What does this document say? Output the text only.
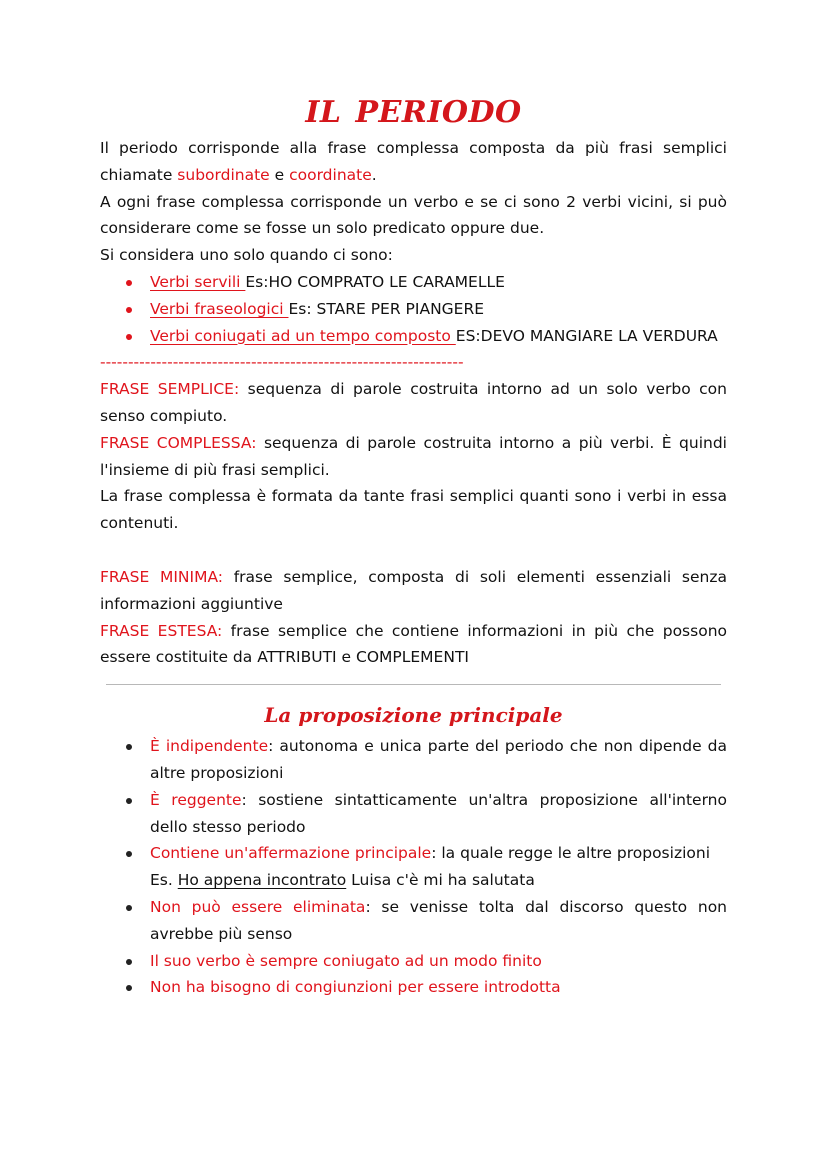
IL PERIODO

Il periodo corrisponde alla frase complessa composta da più frasi semplici chiamate subordinate e coordinate.

A ogni frase complessa corrisponde un verbo e se ci sono 2 verbi vicini, si può considerare come se fosse un solo predicato oppure due.

Si considera uno solo quando ci sono:

Verbi servili Es:HO COMPRATO LE CARAMELLE
Verbi fraseologici Es: STARE PER PIANGERE
Verbi coniugati ad un tempo composto ES:DEVO MANGIARE LA VERDURA
-----------------------------------------------------------------

FRASE SEMPLICE: sequenza di parole costruita intorno ad un solo verbo con senso compiuto.

FRASE COMPLESSA: sequenza di parole costruita intorno a più verbi. È quindi l'insieme di più frasi semplici.

La frase complessa è formata da tante frasi semplici quanti sono i verbi in essa contenuti.

FRASE MINIMA: frase semplice, composta di soli elementi essenziali senza informazioni aggiuntive

FRASE ESTESA: frase semplice che contiene informazioni in più che possono essere costituite da ATTRIBUTI e COMPLEMENTI

La proposizione principale
È indipendente: autonoma e unica parte del periodo che non dipende da altre proposizioni
È reggente: sostiene sintatticamente un'altra proposizione all'interno dello stesso periodo
Contiene un'affermazione principale: la quale regge le altre proposizioni
Es. Ho appena incontrato Luisa c'è mi ha salutata
Non può essere eliminata: se venisse tolta dal discorso questo non avrebbe più senso
Il suo verbo è sempre coniugato ad un modo finito
Non ha bisogno di congiunzioni per essere introdotta
